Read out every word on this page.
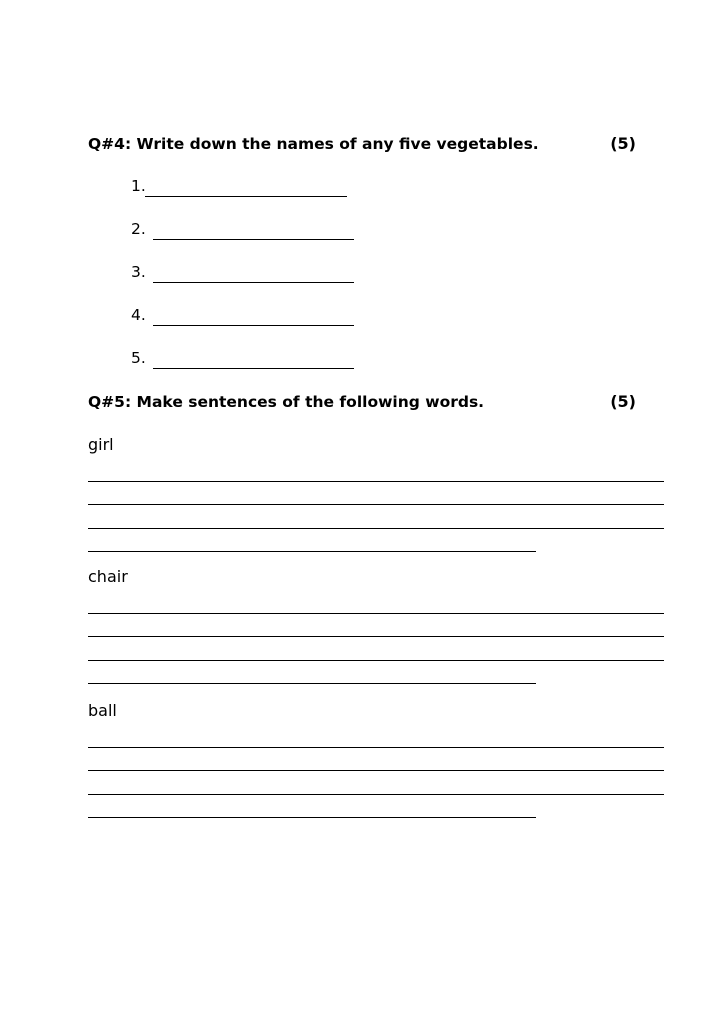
Q#4: Write down the names of any five vegetables.	(5)
1.
2.
3.
4.
5.
Q#5: Make sentences of the following words.	(5)
girl
chair
ball
